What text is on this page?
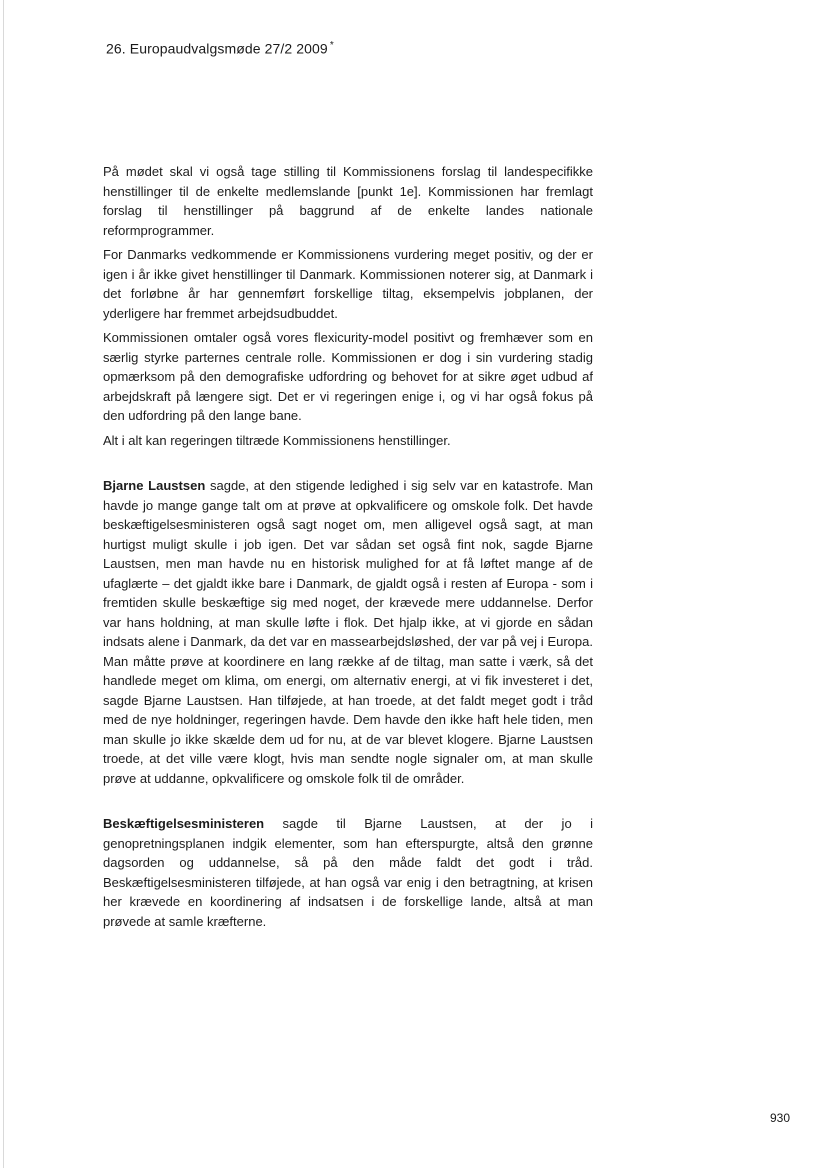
26. Europaudvalgsmøde 27/2 2009 *

På mødet skal vi også tage stilling til Kommissionens forslag til landespecifikke henstillinger til de enkelte medlemslande [punkt 1e]. Kommissionen har fremlagt forslag til henstillinger på baggrund af de enkelte landes nationale reformprogrammer.

For Danmarks vedkommende er Kommissionens vurdering meget positiv, og der er igen i år ikke givet henstillinger til Danmark. Kommissionen noterer sig, at Danmark i det forløbne år har gennemført forskellige tiltag, eksempelvis jobplanen, der yderligere har fremmet arbejdsudbuddet.

Kommissionen omtaler også vores flexicurity-model positivt og fremhæver som en særlig styrke parternes centrale rolle. Kommissionen er dog i sin vurdering stadig opmærksom på den demografiske udfordring og behovet for at sikre øget udbud af arbejdskraft på længere sigt. Det er vi regeringen enige i, og vi har også fokus på den udfordring på den lange bane.

Alt i alt kan regeringen tiltræde Kommissionens henstillinger.

Bjarne Laustsen sagde, at den stigende ledighed i sig selv var en katastrofe. Man havde jo mange gange talt om at prøve at opkvalificere og omskole folk. Det havde beskæftigelsesministeren også sagt noget om, men alligevel også sagt, at man hurtigst muligt skulle i job igen. Det var sådan set også fint nok, sagde Bjarne Laustsen, men man havde nu en historisk mulighed for at få løftet mange af de ufaglærte – det gjaldt ikke bare i Danmark, de gjaldt også i resten af Europa - som i fremtiden skulle beskæftige sig med noget, der krævede mere uddannelse. Derfor var hans holdning, at man skulle løfte i flok. Det hjalp ikke, at vi gjorde en sådan indsats alene i Danmark, da det var en massearbejdsløshed, der var på vej i Europa. Man måtte prøve at koordinere en lang række af de tiltag, man satte i værk, så det handlede meget om klima, om energi, om alternativ energi, at vi fik investeret i det, sagde Bjarne Laustsen. Han tilføjede, at han troede, at det faldt meget godt i tråd med de nye holdninger, regeringen havde. Dem havde den ikke haft hele tiden, men man skulle jo ikke skælde dem ud for nu, at de var blevet klogere. Bjarne Laustsen troede, at det ville være klogt, hvis man sendte nogle signaler om, at man skulle prøve at uddanne, opkvalificere og omskole folk til de områder.

Beskæftigelsesministeren sagde til Bjarne Laustsen, at der jo i genopretningsplanen indgik elementer, som han efterspurgte, altså den grønne dagsorden og uddannelse, så på den måde faldt det godt i tråd. Beskæftigelsesministeren tilføjede, at han også var enig i den betragtning, at krisen her krævede en koordinering af indsatsen i de forskellige lande, altså at man prøvede at samle kræfterne.

930
